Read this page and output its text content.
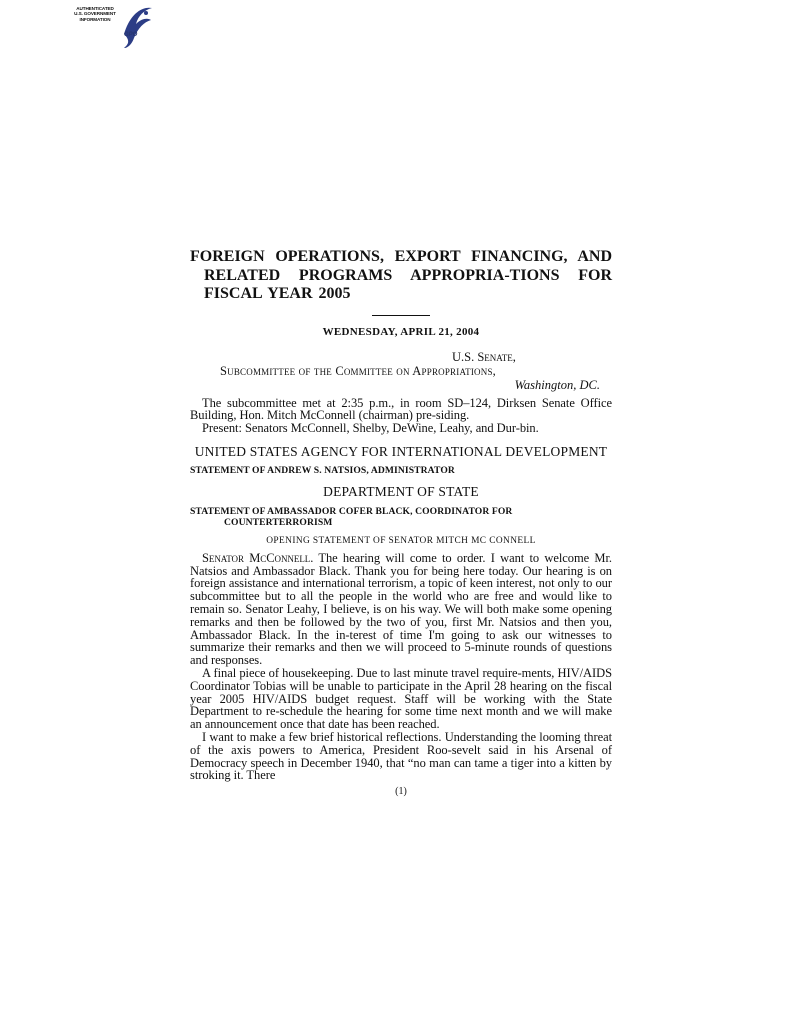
AUTHENTICATED
U.S. GOVERNMENT
INFORMATION
GPO
FOREIGN OPERATIONS, EXPORT FINANCING, AND RELATED PROGRAMS APPROPRIA-TIONS FOR FISCAL YEAR 2005
WEDNESDAY, APRIL 21, 2004
U.S. Senate,
Subcommittee of the Committee on Appropriations,
Washington, DC.

The subcommittee met at 2:35 p.m., in room SD–124, Dirksen Senate Office Building, Hon. Mitch McConnell (chairman) pre-siding.

Present: Senators McConnell, Shelby, DeWine, Leahy, and Dur-bin.

UNITED STATES AGENCY FOR INTERNATIONAL DEVELOPMENT
STATEMENT OF ANDREW S. NATSIOS, ADMINISTRATOR
DEPARTMENT OF STATE
STATEMENT OF AMBASSADOR COFER BLACK, COORDINATOR FOR COUNTERTERRORISM
OPENING STATEMENT OF SENATOR MITCH MC CONNELL

Senator McConnell. The hearing will come to order. I want to welcome Mr. Natsios and Ambassador Black. Thank you for being here today. Our hearing is on foreign assistance and international terrorism, a topic of keen interest, not only to our subcommittee but to all the people in the world who are free and would like to remain so. Senator Leahy, I believe, is on his way. We will both make some opening remarks and then be followed by the two of you, first Mr. Natsios and then you, Ambassador Black. In the in-terest of time I'm going to ask our witnesses to summarize their remarks and then we will proceed to 5-minute rounds of questions and responses.

A final piece of housekeeping. Due to last minute travel require-ments, HIV/AIDS Coordinator Tobias will be unable to participate in the April 28 hearing on the fiscal year 2005 HIV/AIDS budget request. Staff will be working with the State Department to re-schedule the hearing for some time next month and we will make an announcement once that date has been reached.

I want to make a few brief historical reflections. Understanding the looming threat of the axis powers to America, President Roo-sevelt said in his Arsenal of Democracy speech in December 1940, that “no man can tame a tiger into a kitten by stroking it. There

(1)
